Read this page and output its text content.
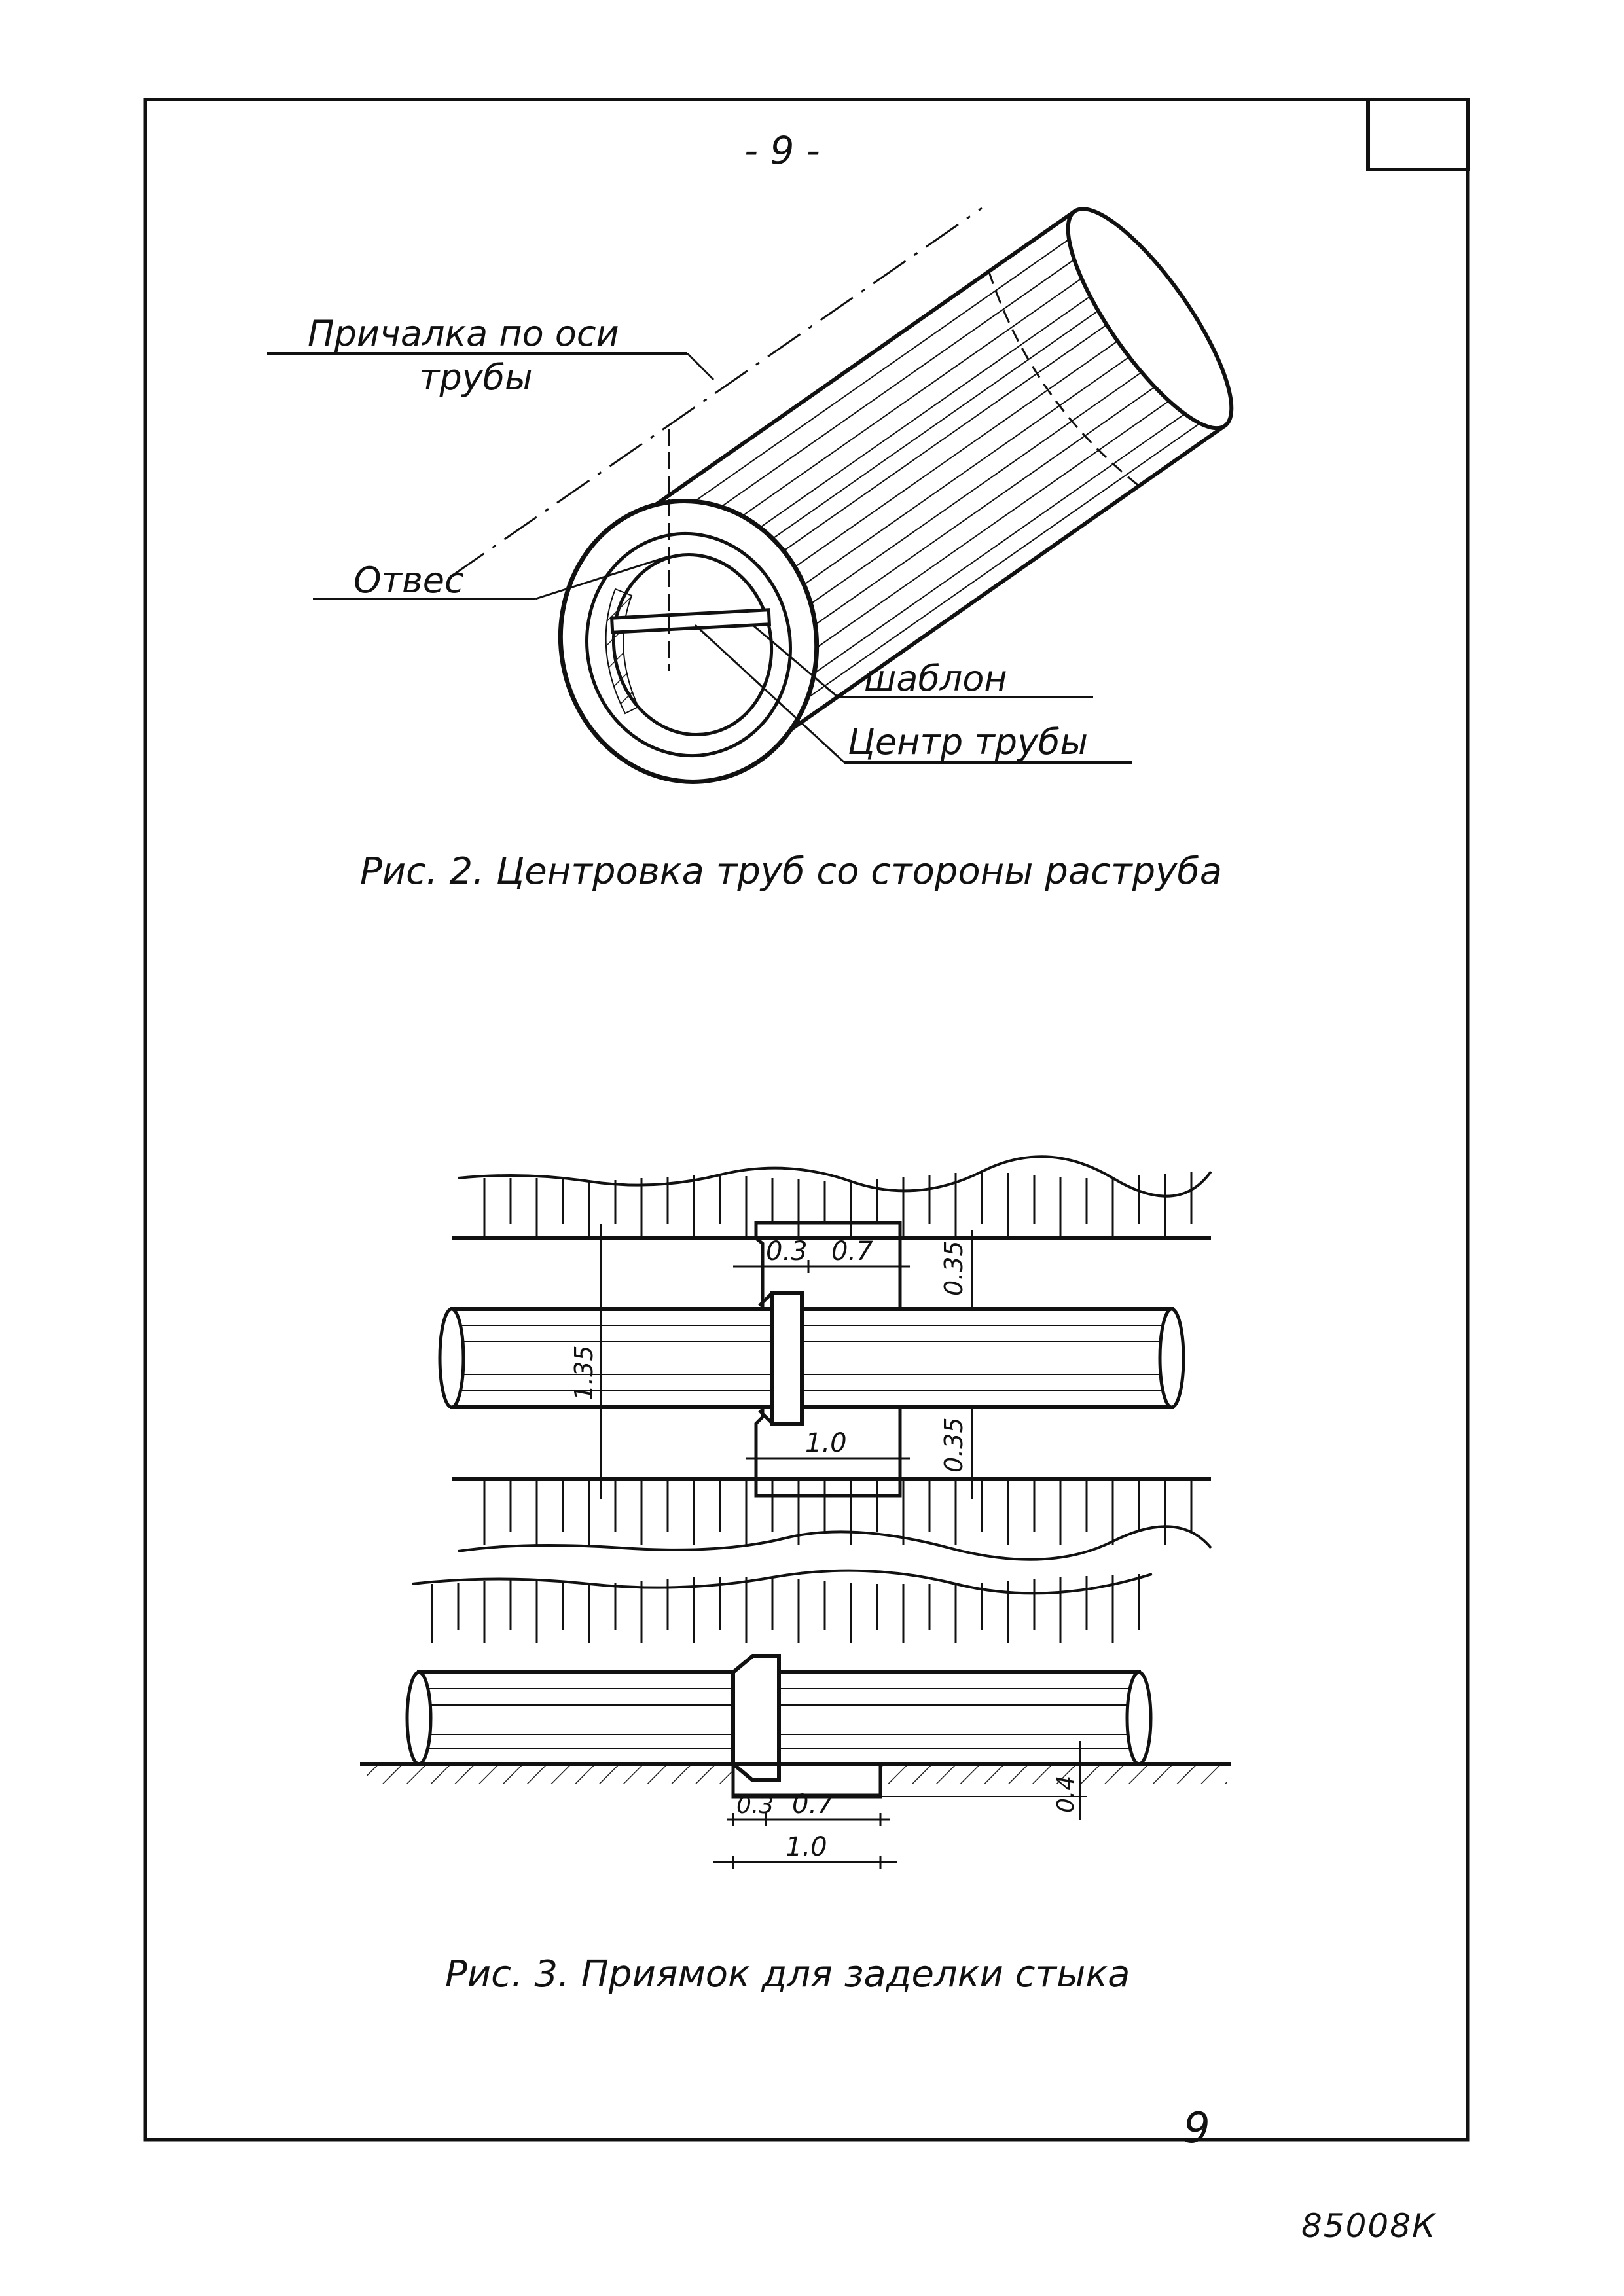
- 9 -
Причалка по оси
трубы
Отвес
шаблон
Центр трубы
Рис. 2. Центровка труб со стороны раструба
0.3 0.7
1.0
0.35
0.35
1.35
0.3 0.7
1.0
0.4
Рис. 3. Приямок для заделки стыка
9
85008К
